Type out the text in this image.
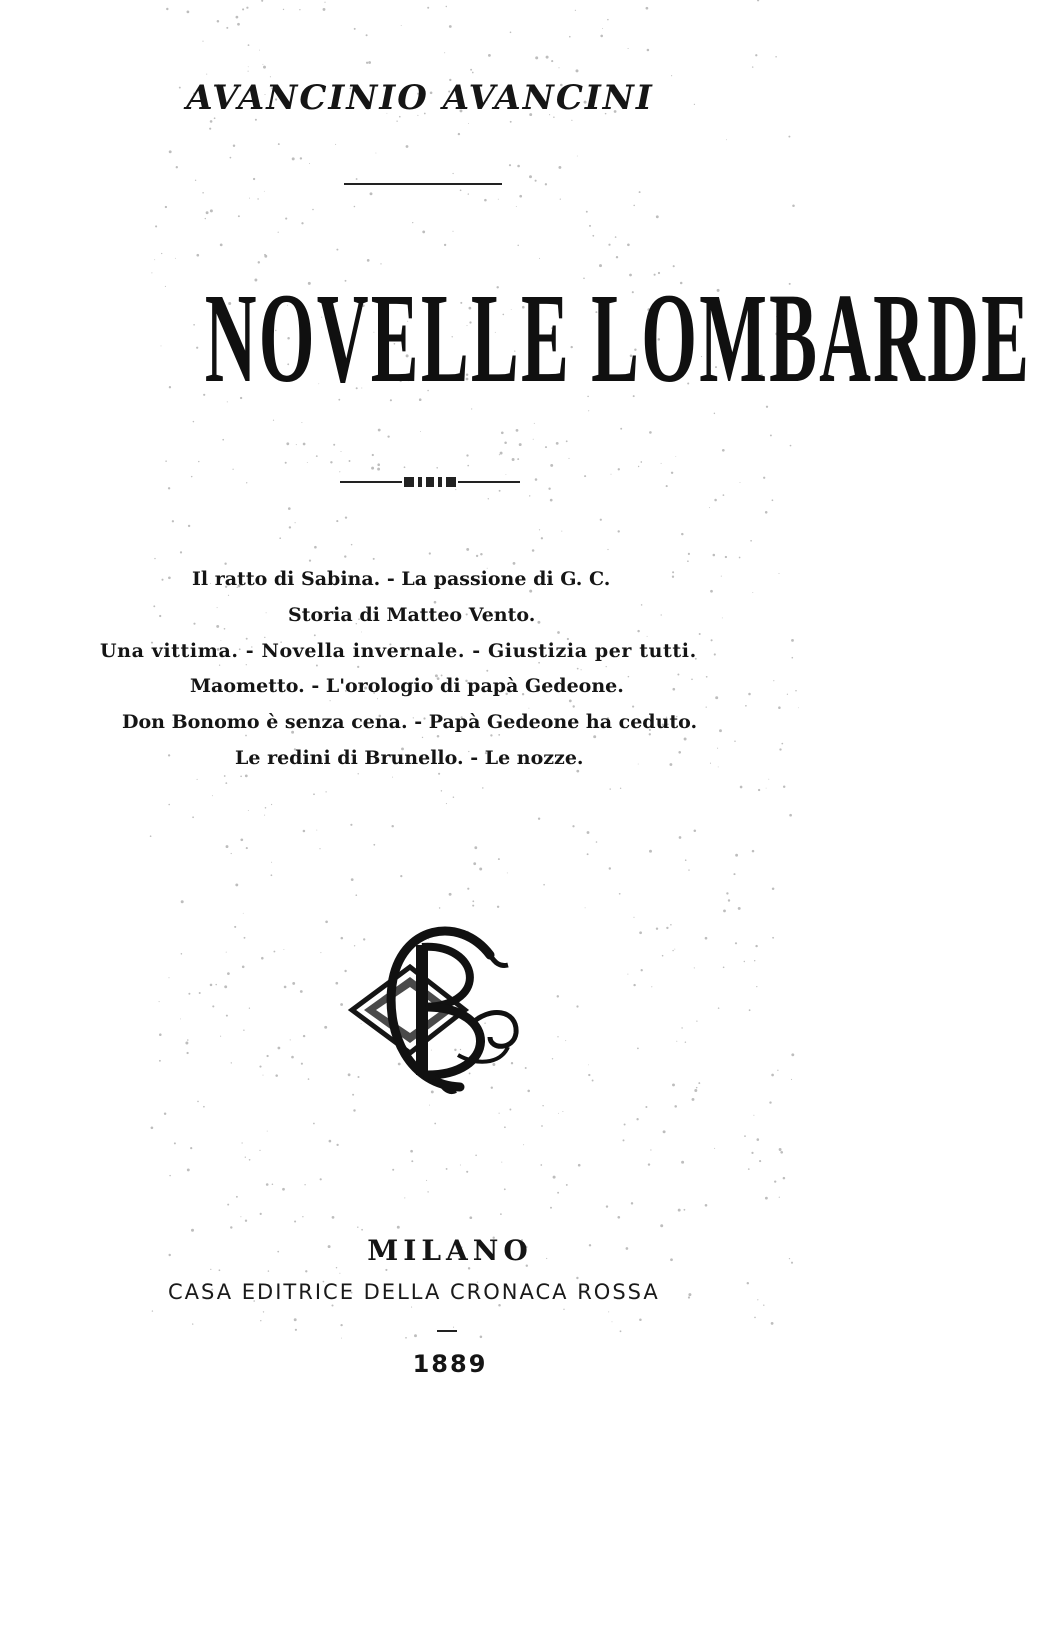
AVANCINIO AVANCINI
NOVELLE LOMBARDE
Il ratto di Sabina. - La passione di G. C.
Storia di Matteo Vento.
Una vittima. - Novella invernale. - Giustizia per tutti.
Maometto. - L'orologio di papà Gedeone.
Don Bonomo è senza cena. - Papà Gedeone ha ceduto.
Le redini di Brunello. - Le nozze.
MILANO
CASA EDITRICE DELLA CRONACA ROSSA
1889
